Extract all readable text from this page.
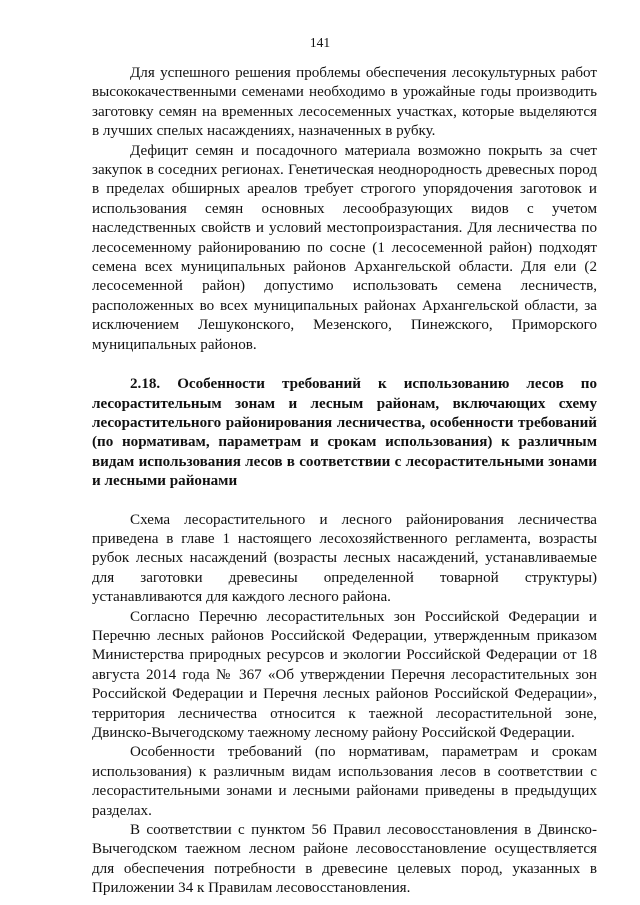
141

Для успешного решения проблемы обеспечения лесокультурных работ высококачественными семенами необходимо в урожайные годы производить заготовку семян на временных лесосеменных участках, которые выделяются в лучших спелых насаждениях, назначенных в рубку.

Дефицит семян и посадочного материала возможно покрыть за счет закупок в соседних регионах. Генетическая неоднородность древесных пород в пределах обширных ареалов требует строгого упорядочения заготовок и использования семян основных лесообразующих видов с учетом наследственных свойств и условий местопроизрастания. Для лесничества по лесосеменному районированию по сосне (1 лесосеменной район) подходят семена всех муниципальных районов Архангельской области. Для ели (2 лесосеменной район) допустимо использовать семена лесничеств, расположенных во всех муниципальных районах Архангельской области, за исключением Лешуконского, Мезенского, Пинежского, Приморского муниципальных районов.

2.18. Особенности требований к использованию лесов по лесорастительным зонам и лесным районам, включающих схему лесорастительного районирования лесничества, особенности требований (по нормативам, параметрам и срокам использования) к различным видам использования лесов в соответствии с лесорастительными зонами и лесными районами

Схема лесорастительного и лесного районирования лесничества приведена в главе 1 настоящего лесохозяйственного регламента, возрасты рубок лесных насаждений (возрасты лесных насаждений, устанавливаемые для заготовки древесины определенной товарной структуры) устанавливаются для каждого лесного района.

Согласно Перечню лесорастительных зон Российской Федерации и Перечню лесных районов Российской Федерации, утвержденным приказом Министерства природных ресурсов и экологии Российской Федерации от 18 августа 2014 года № 367 «Об утверждении Перечня лесорастительных зон Российской Федерации и Перечня лесных районов Российской Федерации», территория лесничества относится к таежной лесорастительной зоне, Двинско-Вычегодскому таежному лесному району Российской Федерации.

Особенности требований (по нормативам, параметрам и срокам использования) к различным видам использования лесов в соответствии с лесорастительными зонами и лесными районами приведены в предыдущих разделах.

В соответствии с пунктом 56 Правил лесовосстановления в Двинско-Вычегодском таежном лесном районе лесовосстановление осуществляется для обеспечения потребности в древесине целевых пород, указанных в Приложении 34 к Правилам лесовосстановления.
